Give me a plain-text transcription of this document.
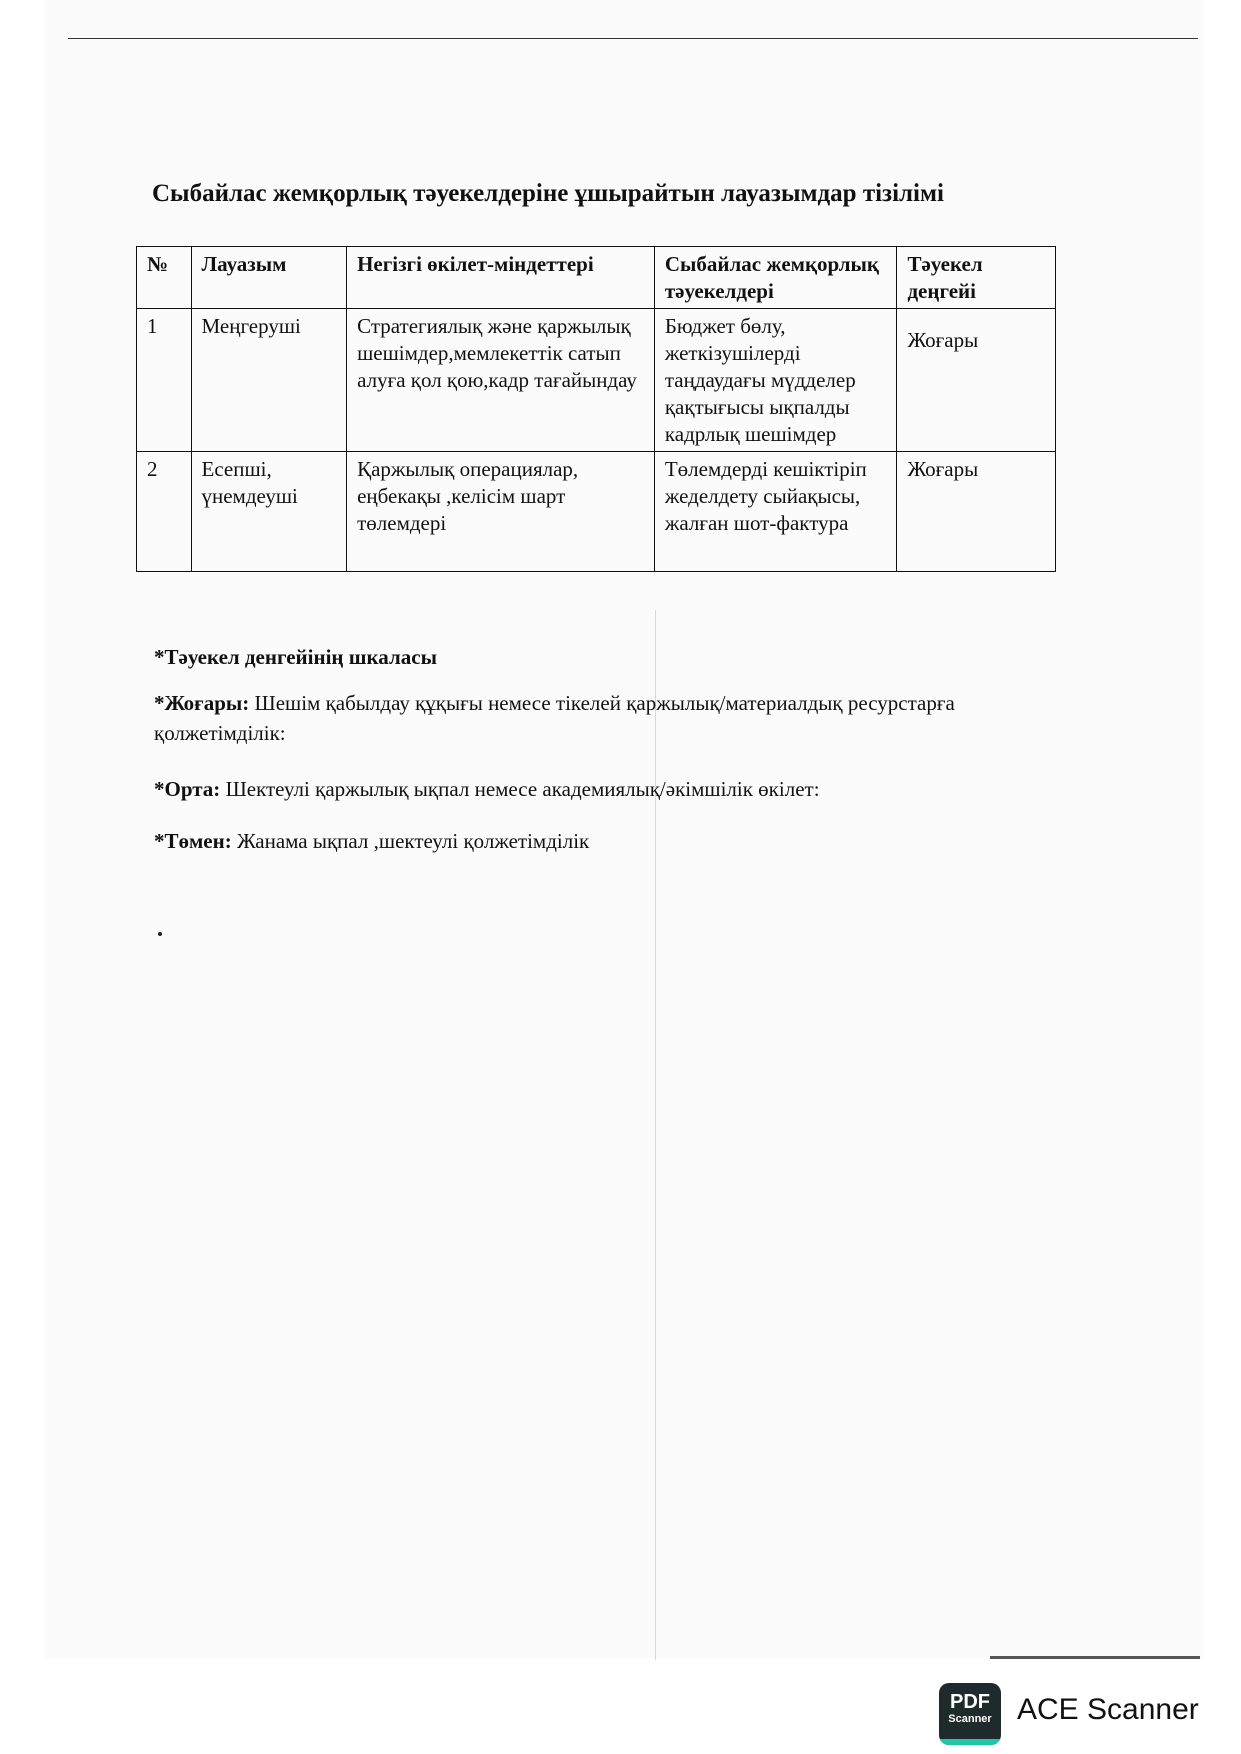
Сыбайлас жемқорлық тәуекелдеріне ұшырайтын лауазымдар тізілімі
№	Лауазым	Негізгі өкілет-міндеттері	Сыбайлас жемқорлық тәуекелдері	Тәуекел деңгейі
1	Меңгеруші	Стратегиялық және қаржылық шешімдер,мемлекеттік сатып алуға қол қою,кадр тағайындау	Бюджет бөлу, жеткізушілерді таңдаудағы мүдделер қақтығысы ықпалды кадрлық шешімдер	Жоғары
2	Есепші, үнемдеуші	Қаржылық операциялар, еңбекақы ,келісім шарт төлемдері	Төлемдерді кешіктіріп жеделдету сыйақысы, жалған шот-фактура	Жоғары
*Тәуекел денгейінің шкаласы
*Жоғары: Шешім қабылдау құқығы немесе тікелей қаржылық/материалдық ресурстарға қолжетімділік:
*Орта: Шектеулі қаржылық ықпал немесе академиялық/әкімшілік өкілет:
*Төмен: Жанама ықпал ,шектеулі қолжетімділік
PDF
Scanner ACE Scanner
